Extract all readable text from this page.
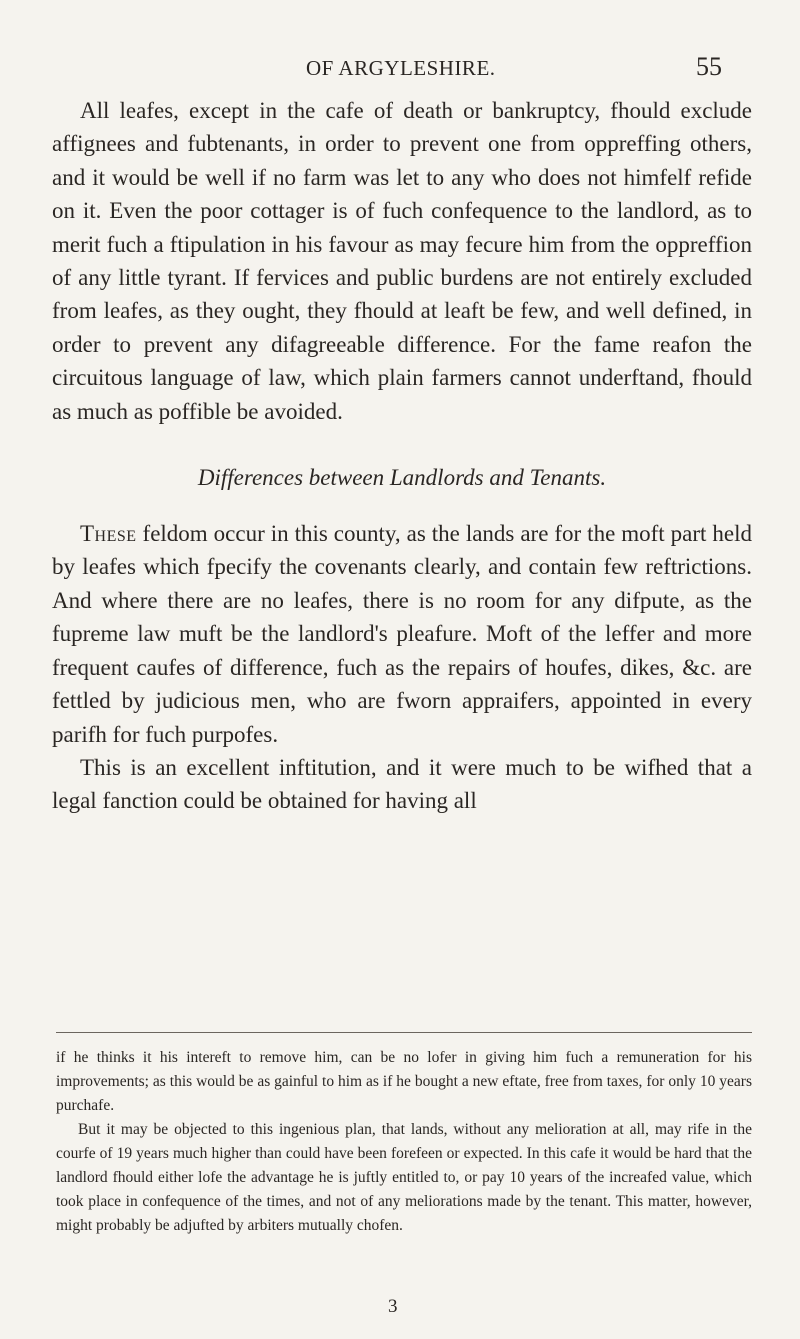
OF ARGYLESHIRE.	55

All leafes, except in the cafe of death or bankruptcy, fhould exclude affignees and fubtenants, in order to prevent one from oppreffing others, and it would be well if no farm was let to any who does not himfelf refide on it. Even the poor cottager is of fuch confequence to the landlord, as to merit fuch a ftipulation in his favour as may fecure him from the oppreffion of any little tyrant. If fervices and public burdens are not entirely excluded from leafes, as they ought, they fhould at leaft be few, and well defined, in order to prevent any difagreeable difference. For the fame reafon the circuitous language of law, which plain farmers cannot underftand, fhould as much as poffible be avoided.

Differences between Landlords and Tenants.

These feldom occur in this county, as the lands are for the moft part held by leafes which fpecify the covenants clearly, and contain few reftrictions. And where there are no leafes, there is no room for any difpute, as the fupreme law muft be the landlord's pleafure. Moft of the leffer and more frequent caufes of difference, fuch as the repairs of houfes, dikes, &c. are fettled by judicious men, who are fworn appraifers, appointed in every parifh for fuch purpofes.

This is an excellent inftitution, and it were much to be wifhed that a legal fanction could be obtained for having all

if he thinks it his intereft to remove him, can be no lofer in giving him fuch a remuneration for his improvements; as this would be as gainful to him as if he bought a new eftate, free from taxes, for only 10 years purchafe.

But it may be objected to this ingenious plan, that lands, without any melioration at all, may rife in the courfe of 19 years much higher than could have been forefeen or expected. In this cafe it would be hard that the landlord fhould either lofe the advantage he is juftly entitled to, or pay 10 years of the increafed value, which took place in confequence of the times, and not of any meliorations made by the tenant. This matter, however, might probably be adjufted by arbiters mutually chofen.

3
